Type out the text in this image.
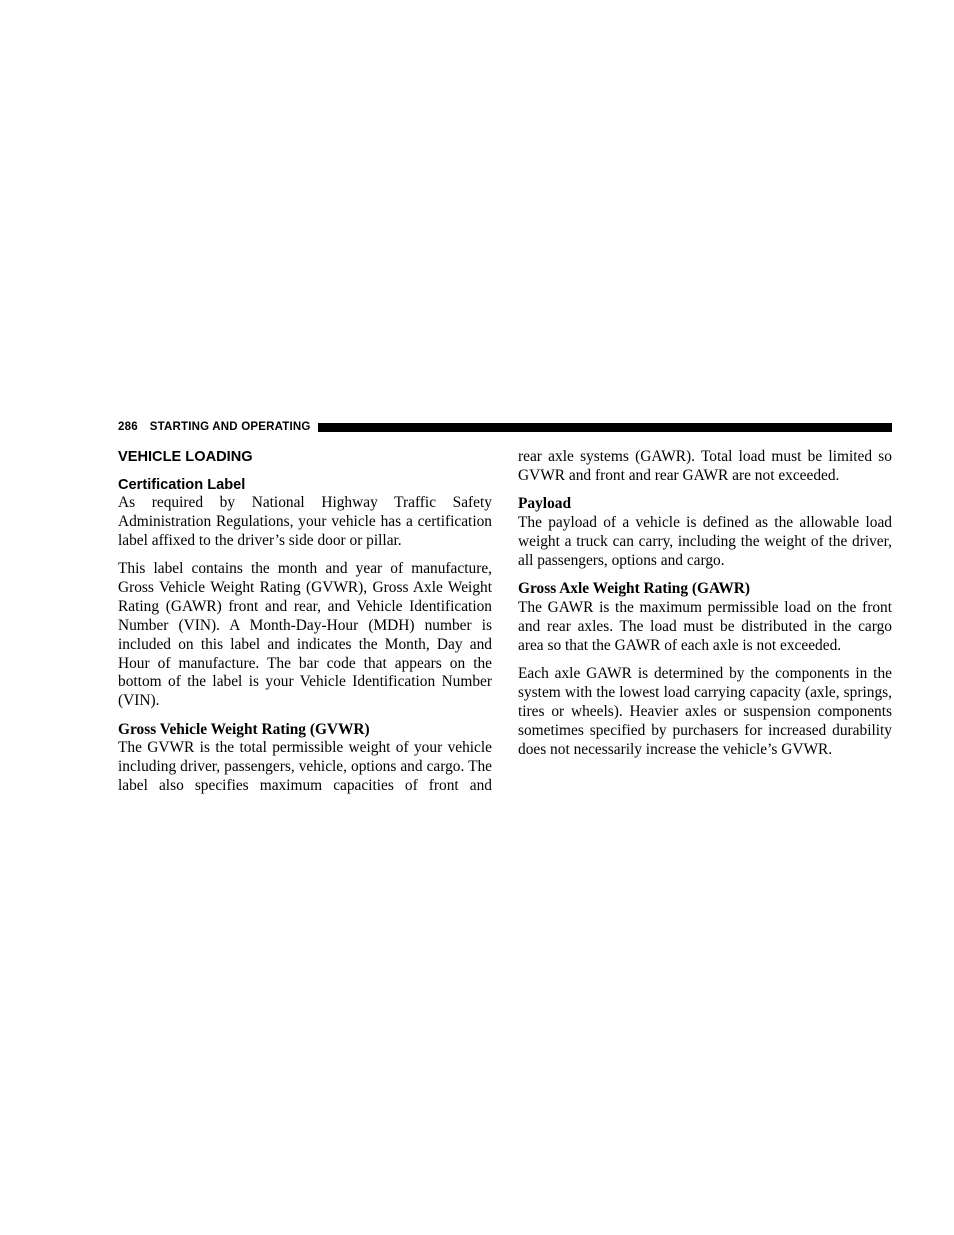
286 STARTING AND OPERATING
VEHICLE LOADING
Certification Label

As required by National Highway Traffic Safety Administration Regulations, your vehicle has a certification label affixed to the driver’s side door or pillar.

This label contains the month and year of manufacture, Gross Vehicle Weight Rating (GVWR), Gross Axle Weight Rating (GAWR) front and rear, and Vehicle Identification Number (VIN). A Month-Day-Hour (MDH) number is included on this label and indicates the Month, Day and Hour of manufacture. The bar code that appears on the bottom of the label is your Vehicle Identification Number (VIN).

Gross Vehicle Weight Rating (GVWR)

The GVWR is the total permissible weight of your vehicle including driver, passengers, vehicle, options and cargo. The label also specifies maximum capacities of front and

rear axle systems (GAWR). Total load must be limited so GVWR and front and rear GAWR are not exceeded.

Payload

The payload of a vehicle is defined as the allowable load weight a truck can carry, including the weight of the driver, all passengers, options and cargo.

Gross Axle Weight Rating (GAWR)

The GAWR is the maximum permissible load on the front and rear axles. The load must be distributed in the cargo area so that the GAWR of each axle is not exceeded.

Each axle GAWR is determined by the components in the system with the lowest load carrying capacity (axle, springs, tires or wheels). Heavier axles or suspension components sometimes specified by purchasers for increased durability does not necessarily increase the vehicle’s GVWR.
